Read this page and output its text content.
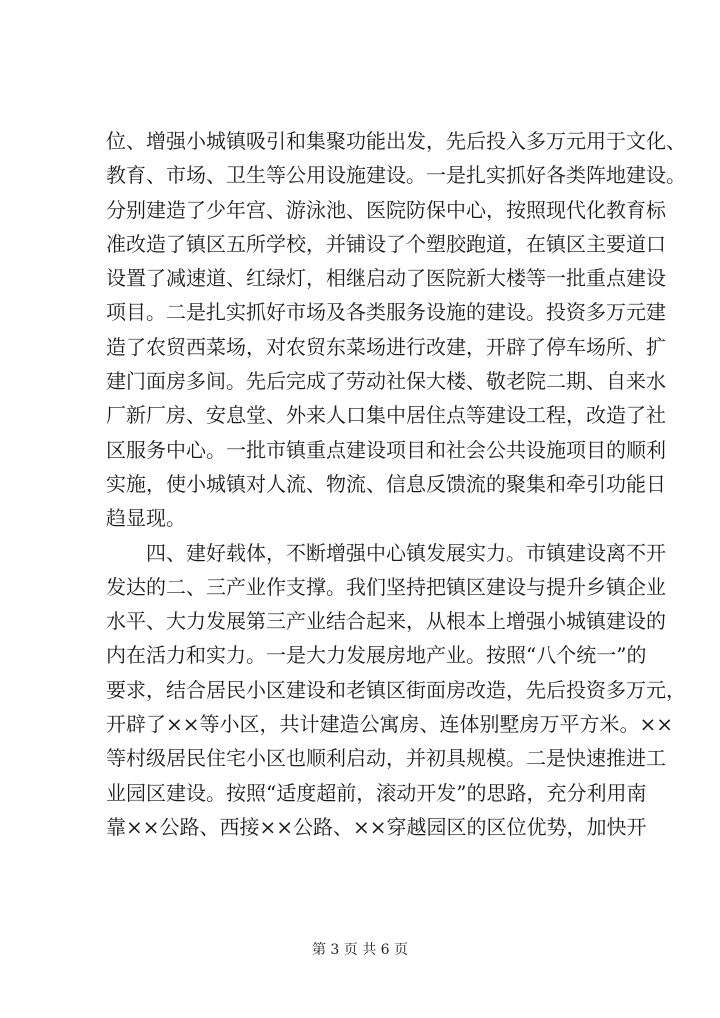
位、增强小城镇吸引和集聚功能出发，先后投入多万元用于文化、
教育、市场、卫生等公用设施建设。一是扎实抓好各类阵地建设。
分别建造了少年宫、游泳池、医院防保中心，按照现代化教育标
准改造了镇区五所学校，并铺设了个塑胶跑道，在镇区主要道口
设置了减速道、红绿灯，相继启动了医院新大楼等一批重点建设
项目。二是扎实抓好市场及各类服务设施的建设。投资多万元建
造了农贸西菜场，对农贸东菜场进行改建，开辟了停车场所、扩
建门面房多间。先后完成了劳动社保大楼、敬老院二期、自来水
厂新厂房、安息堂、外来人口集中居住点等建设工程，改造了社
区服务中心。一批市镇重点建设项目和社会公共设施项目的顺利
实施，使小城镇对人流、物流、信息反馈流的聚集和牵引功能日
趋显现。
四、建好载体，不断增强中心镇发展实力。市镇建设离不开
发达的二、三产业作支撑。我们坚持把镇区建设与提升乡镇企业
水平、大力发展第三产业结合起来，从根本上增强小城镇建设的
内在活力和实力。一是大力发展房地产业。按照“八个统一”的
要求，结合居民小区建设和老镇区街面房改造，先后投资多万元，
开辟了××等小区，共计建造公寓房、连体别墅房万平方米。××
等村级居民住宅小区也顺利启动，并初具规模。二是快速推进工
业园区建设。按照“适度超前，滚动开发”的思路，充分利用南
靠××公路、西接××公路、××穿越园区的区位优势，加快开
第 3 页 共 6 页
